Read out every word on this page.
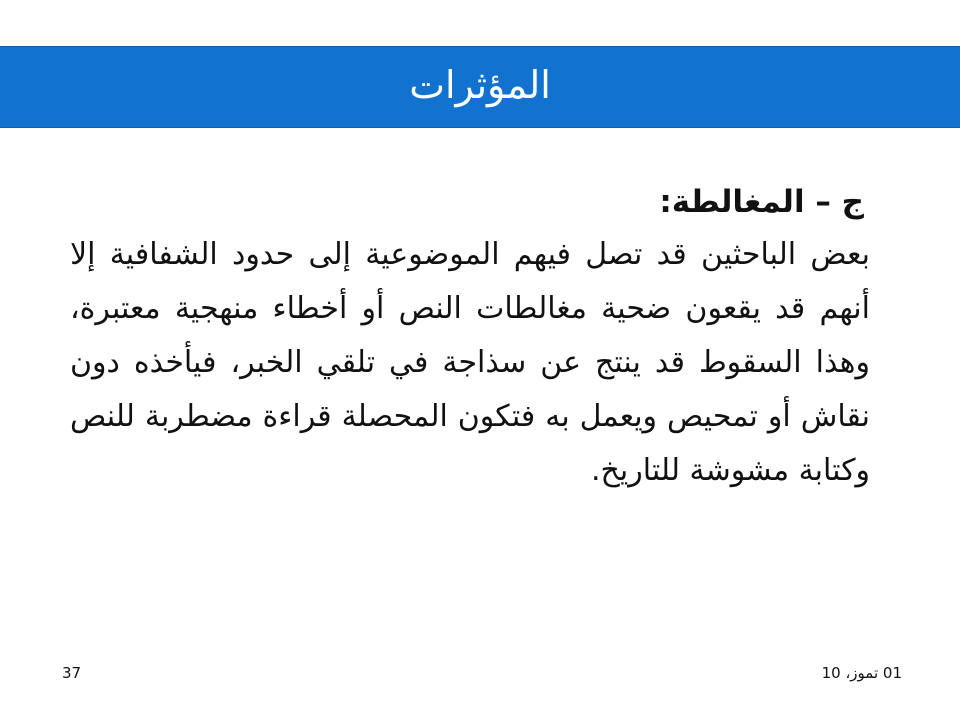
المؤثرات
ج – المغالطة:

بعض الباحثين قد تصل فيهم الموضوعية إلى حدود الشفافية إلا أنهم قد يقعون ضحية مغالطات النص أو أخطاء منهجية معتبرة، وهذا السقوط قد ينتج عن سذاجة في تلقي الخبر، فيأخذه دون نقاش أو تمحيص ويعمل به فتكون المحصلة قراءة مضطربة للنص وكتابة مشوشة للتاريخ.

01 تموز، 10
37
